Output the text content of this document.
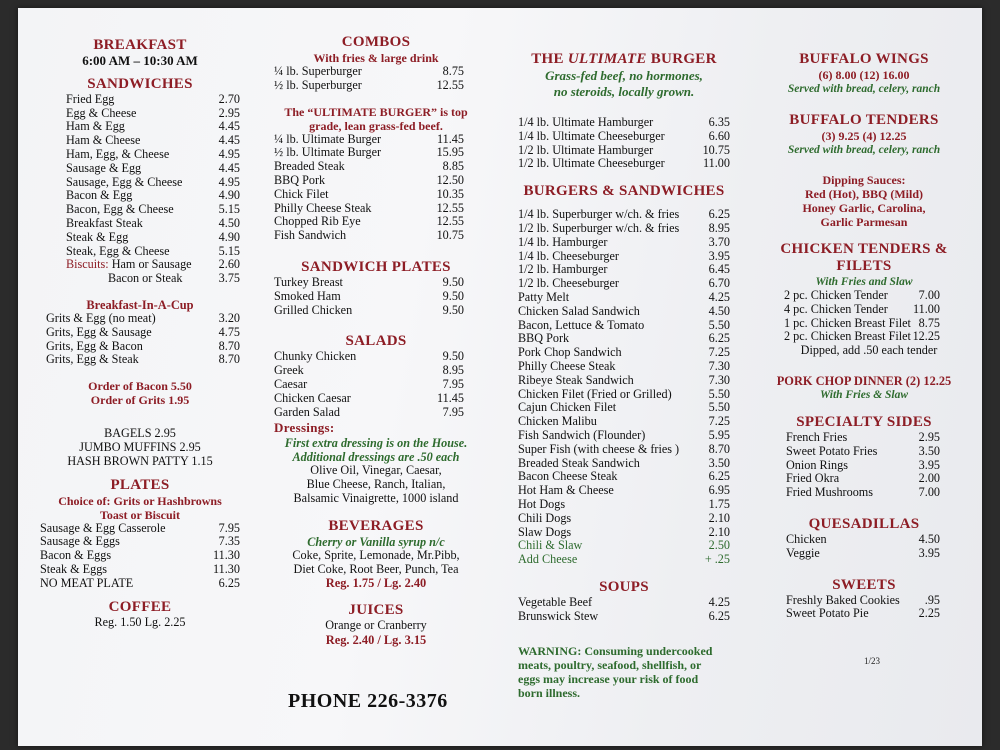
BREAKFAST
6:00 AM – 10:30 AM
SANDWICHES
Fried Egg	2.70
Egg & Cheese	2.95
Ham & Egg	4.45
Ham & Cheese	4.45
Ham, Egg, & Cheese	4.95
Sausage & Egg	4.45
Sausage, Egg & Cheese	4.95
Bacon & Egg	4.90
Bacon, Egg & Cheese	5.15
Breakfast Steak	4.50
Steak & Egg	4.90
Steak, Egg & Cheese	5.15
Biscuits: Ham or Sausage 2.60
Bacon or Steak	3.75
Breakfast-In-A-Cup
Grits & Egg (no meat)	3.20
Grits, Egg & Sausage	4.75
Grits, Egg & Bacon	8.70
Grits, Egg & Steak	8.70
Order of Bacon 5.50
Order of Grits 1.95
BAGELS 2.95
JUMBO MUFFINS 2.95
HASH BROWN PATTY 1.15
PLATES
Choice of: Grits or Hashbrowns
Toast or Biscuit
Sausage & Egg Casserole	7.95
Sausage & Eggs	7.35
Bacon & Eggs	11.30
Steak & Eggs	11.30
NO MEAT PLATE	6.25
COFFEE
Reg. 1.50 Lg. 2.25
COMBOS
With fries & large drink
¼ lb. Superburger	8.75
½ lb. Superburger	12.55
The “ULTIMATE BURGER” is top
grade, lean grass-fed beef.
¼ lb. Ultimate Burger	11.45
½ lb. Ultimate Burger	15.95
Breaded Steak	8.85
BBQ Pork	12.50
Chick Filet	10.35
Philly Cheese Steak	12.55
Chopped Rib Eye	12.55
Fish Sandwich	10.75
SANDWICH PLATES
Turkey Breast	9.50
Smoked Ham	9.50
Grilled Chicken	9.50
SALADS
Chunky Chicken	9.50
Greek	8.95
Caesar	7.95
Chicken Caesar	11.45
Garden Salad	7.95
Dressings:
First extra dressing is on the House.
Additional dressings are .50 each
Olive Oil, Vinegar, Caesar,
Blue Cheese, Ranch, Italian,
Balsamic Vinaigrette, 1000 island
BEVERAGES
Cherry or Vanilla syrup n/c
Coke, Sprite, Lemonade, Mr.Pibb,
Diet Coke, Root Beer, Punch, Tea
Reg. 1.75 / Lg. 2.40
JUICES
Orange or Cranberry
Reg. 2.40 / Lg. 3.15
PHONE 226-3376
THE ULTIMATE BURGER
Grass-fed beef, no hormones,
no steroids, locally grown.
1/4 lb. Ultimate Hamburger	6.35
1/4 lb. Ultimate Cheeseburger	6.60
1/2 lb. Ultimate Hamburger	10.75
1/2 lb. Ultimate Cheeseburger	11.00
BURGERS & SANDWICHES
1/4 lb. Superburger w/ch. & fries 6.25
1/2 lb. Superburger w/ch. & fries 8.95
1/4 lb. Hamburger	3.70
1/4 lb. Cheeseburger	3.95
1/2 lb. Hamburger	6.45
1/2 lb. Cheeseburger	6.70
Patty Melt	4.25
Chicken Salad Sandwich	4.50
Bacon, Lettuce & Tomato	5.50
BBQ Pork	6.25
Pork Chop Sandwich	7.25
Philly Cheese Steak	7.30
Ribeye Steak Sandwich	7.30
Chicken Filet (Fried or Grilled)	5.50
Cajun Chicken Filet	5.50
Chicken Malibu	7.25
Fish Sandwich (Flounder)	5.95
Super Fish (with cheese & fries ) 8.70
Breaded Steak Sandwich	3.50
Bacon Cheese Steak	6.25
Hot Ham & Cheese	6.95
Hot Dogs	1.75
Chili Dogs	2.10
Slaw Dogs	2.10
Chili & Slaw	2.50
Add Cheese	+ .25
SOUPS
Vegetable Beef	4.25
Brunswick Stew	6.25
WARNING: Consuming undercooked
meats, poultry, seafood, shellfish, or
eggs may increase your risk of food
born illness.
BUFFALO WINGS
(6) 8.00 (12) 16.00
Served with bread, celery, ranch
BUFFALO TENDERS
(3) 9.25 (4) 12.25
Served with bread, celery, ranch
Dipping Sauces:
Red (Hot), BBQ (Mild)
Honey Garlic, Carolina,
Garlic Parmesan
CHICKEN TENDERS &
FILETS
With Fries and Slaw
2 pc. Chicken Tender	7.00
4 pc. Chicken Tender 11.00
1 pc. Chicken Breast Filet 8.75
2 pc. Chicken Breast Filet 12.25
Dipped, add .50 each tender
PORK CHOP DINNER (2) 12.25
With Fries & Slaw
SPECIALTY SIDES
French Fries	2.95
Sweet Potato Fries	3.50
Onion Rings	3.95
Fried Okra	2.00
Fried Mushrooms	7.00
QUESADILLAS
Chicken	4.50
Veggie	3.95
SWEETS
Freshly Baked Cookies .95
Sweet Potato Pie	2.25
1/23
